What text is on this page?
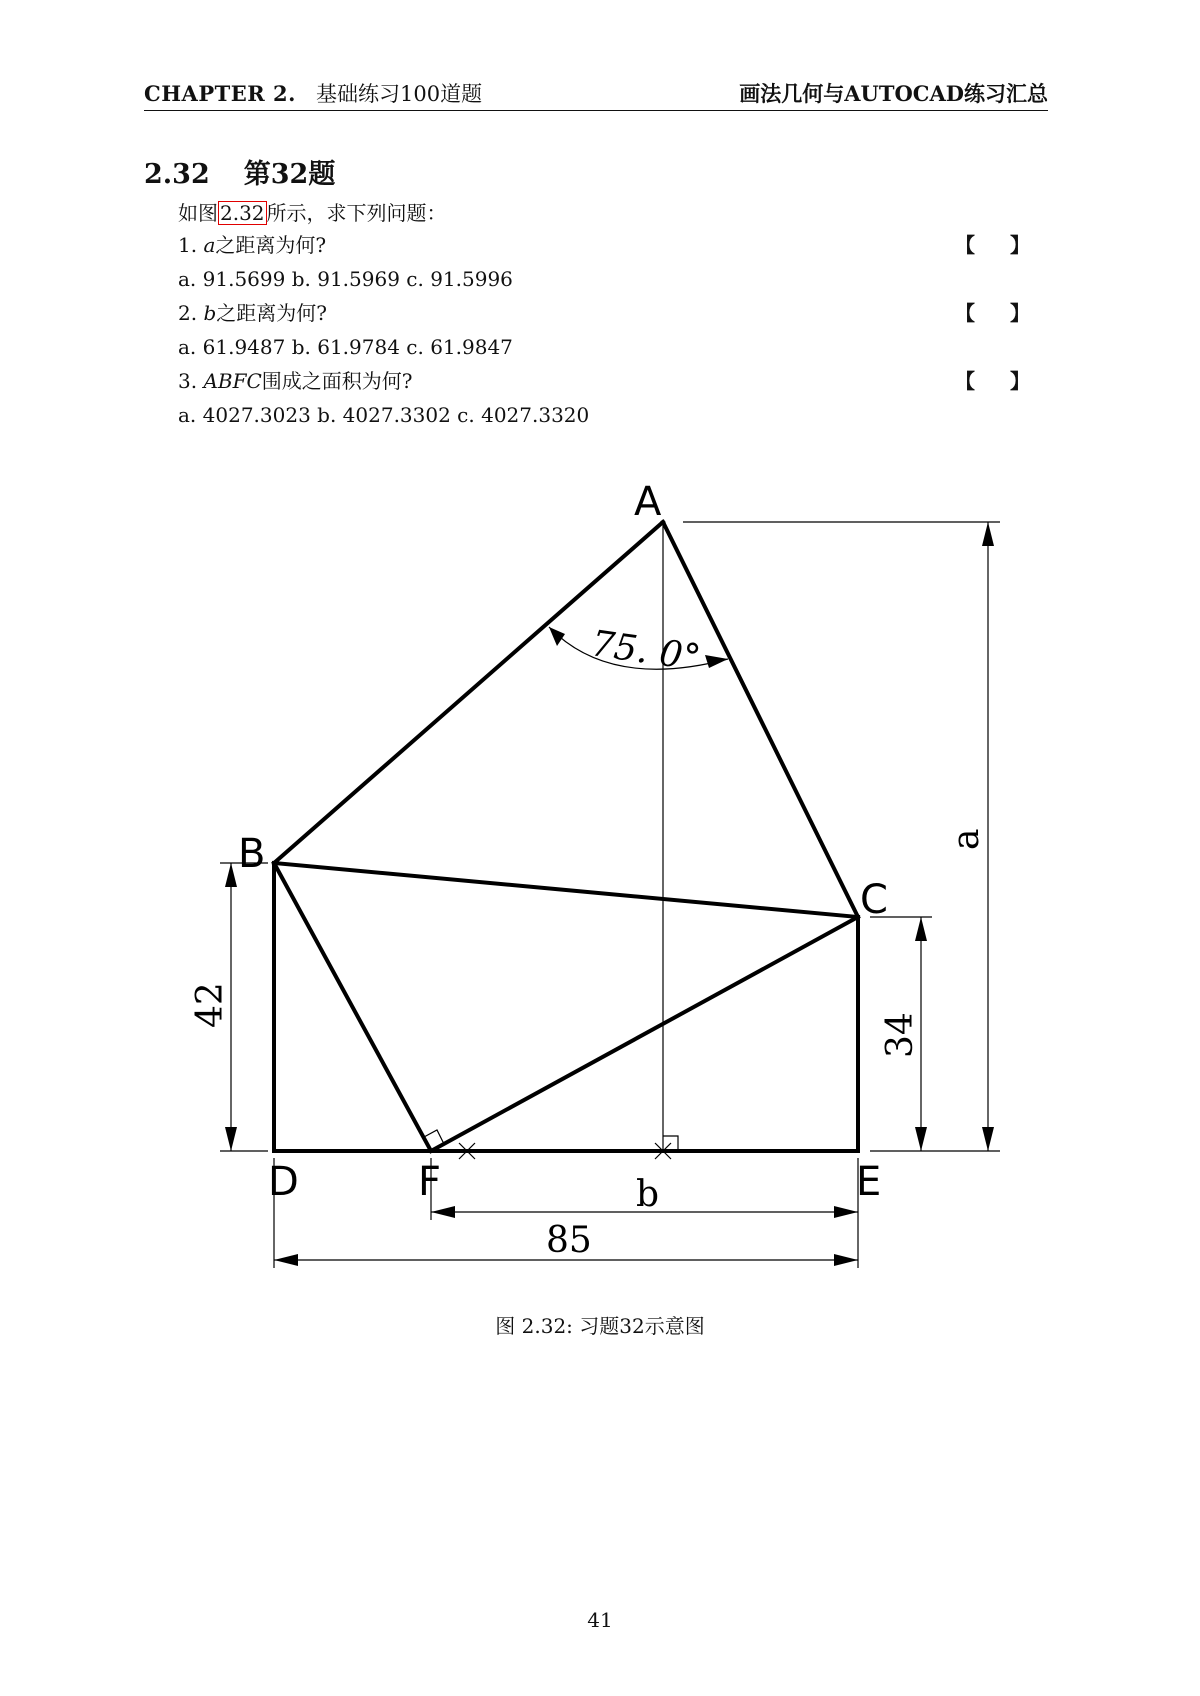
CHAPTER 2. 基础练习100道题	画法几何与AUTOCAD练习汇总
2.32 第32题
如图 2.32 所示，求下列问题：
1. a之距离为何?	【 】
a. 91.5699 b. 91.5969 c. 91.5996
2. b之距离为何?	【 】
a. 61.9487 b. 61.9784 c. 61.9847
3. ABFC围成之面积为何?	【 】
a. 4027.3023 b. 4027.3302 c. 4027.3320
A
B
C
D	E
F
75. 0°
a
34
42
b
85
图 2.32: 习题32示意图
41
